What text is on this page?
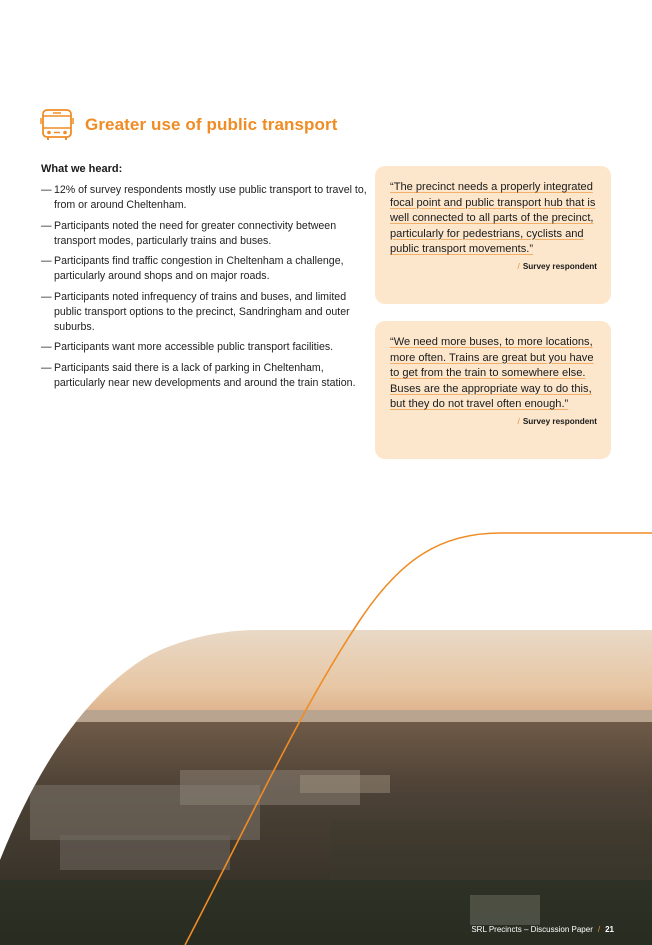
Greater use of public transport
What we heard:
— 12% of survey respondents mostly use public transport to travel to, from or around Cheltenham.
— Participants noted the need for greater connectivity between transport modes, particularly trains and buses.
— Participants find traffic congestion in Cheltenham a challenge, particularly around shops and on major roads.
— Participants noted infrequency of trains and buses, and limited public transport options to the precinct, Sandringham and outer suburbs.
— Participants want more accessible public transport facilities.
— Participants said there is a lack of parking in Cheltenham, particularly near new developments and around the train station.
“The precinct needs a properly integrated focal point and public transport hub that is well connected to all parts of the precinct, particularly for pedestrians, cyclists and public transport movements.”
/ Survey respondent
“We need more buses, to more locations, more often. Trains are great but you have to get from the train to somewhere else. Buses are the appropriate way to do this, but they do not travel often enough.”
/ Survey respondent
SRL Precincts – Discussion Paper / 21
